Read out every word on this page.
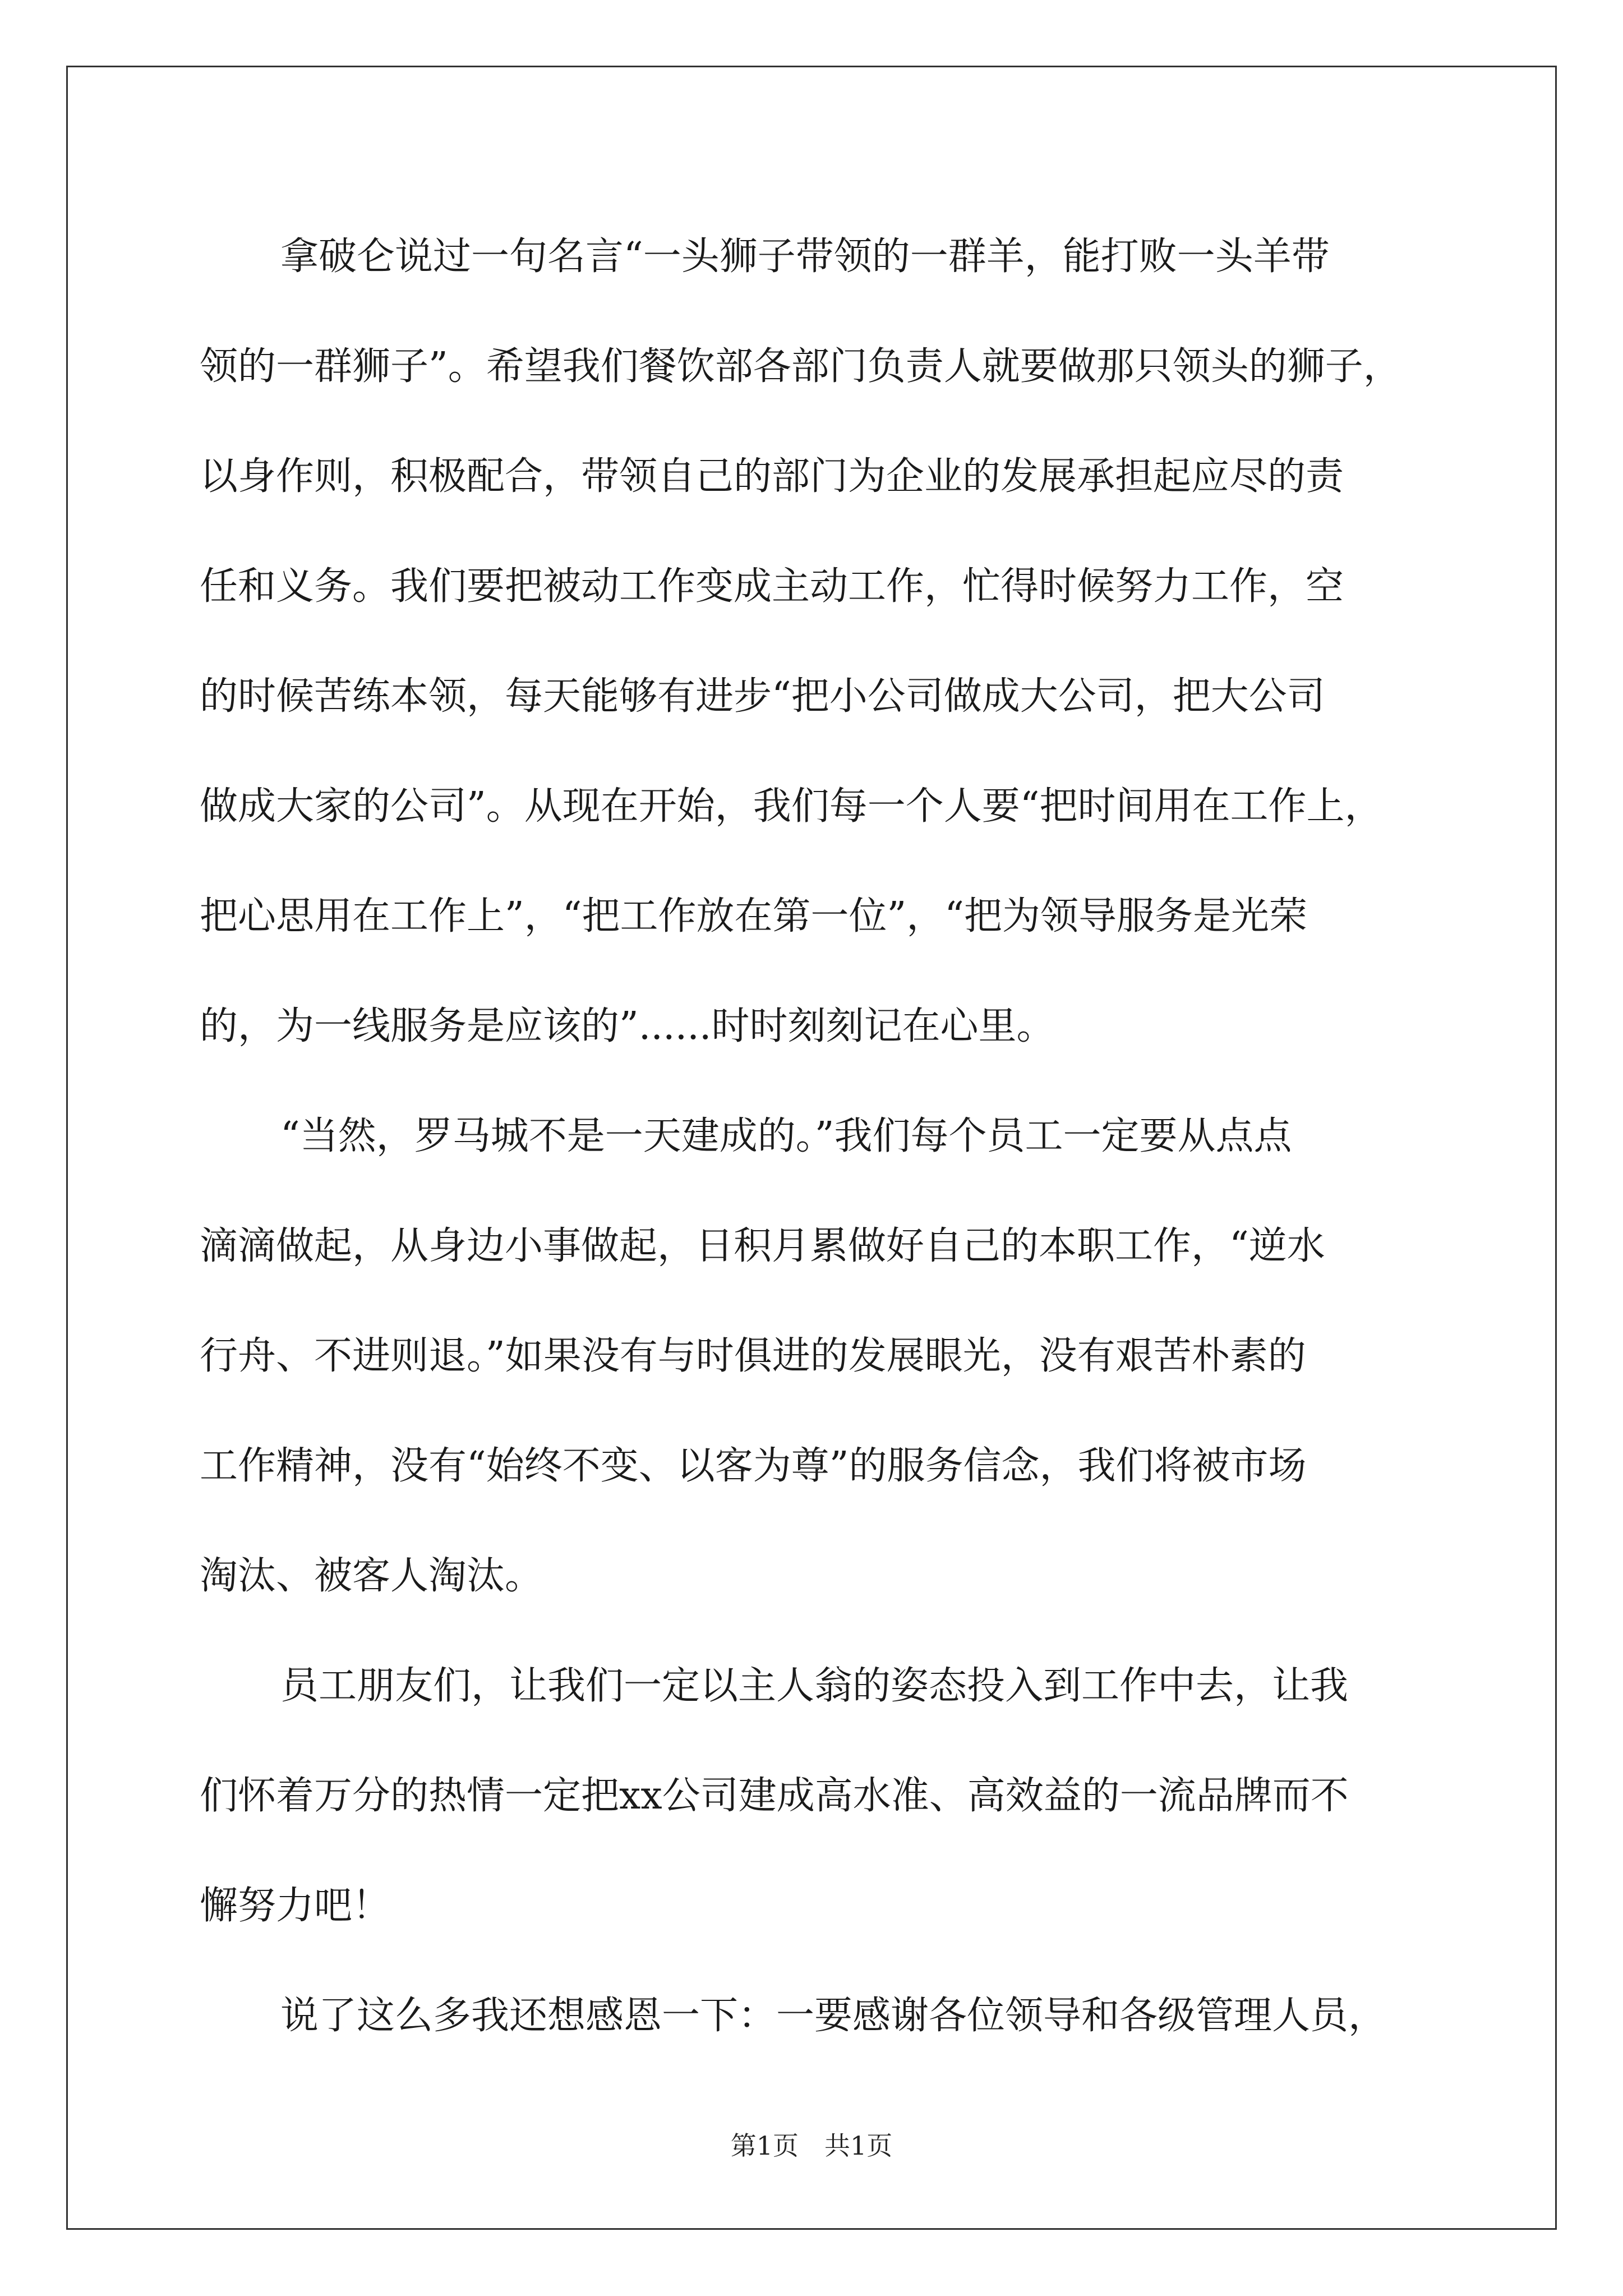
拿破仑说过一句名言“一头狮子带领的一群羊，能打败一头羊带
领的一群狮子”。希望我们餐饮部各部门负责人就要做那只领头的狮子，
以身作则，积极配合，带领自己的部门为企业的发展承担起应尽的责
任和义务。我们要把被动工作变成主动工作，忙得时候努力工作，空
的时候苦练本领，每天能够有进步“把小公司做成大公司，把大公司
做成大家的公司”。从现在开始，我们每一个人要“把时间用在工作上，
把心思用在工作上”，“把工作放在第一位”，“把为领导服务是光荣
的，为一线服务是应该的”......时时刻刻记在心里。
“当然，罗马城不是一天建成的。”我们每个员工一定要从点点
滴滴做起，从身边小事做起，日积月累做好自己的本职工作，“逆水
行舟、不进则退。”如果没有与时俱进的发展眼光，没有艰苦朴素的
工作精神，没有“始终不变、以客为尊”的服务信念，我们将被市场
淘汰、被客人淘汰。
员工朋友们，让我们一定以主人翁的姿态投入到工作中去，让我
们怀着万分的热情一定把xx公司建成高水准、高效益的一流品牌而不
懈努力吧！
说了这么多我还想感恩一下：一要感谢各位领导和各级管理人员，
第1页　共1页
